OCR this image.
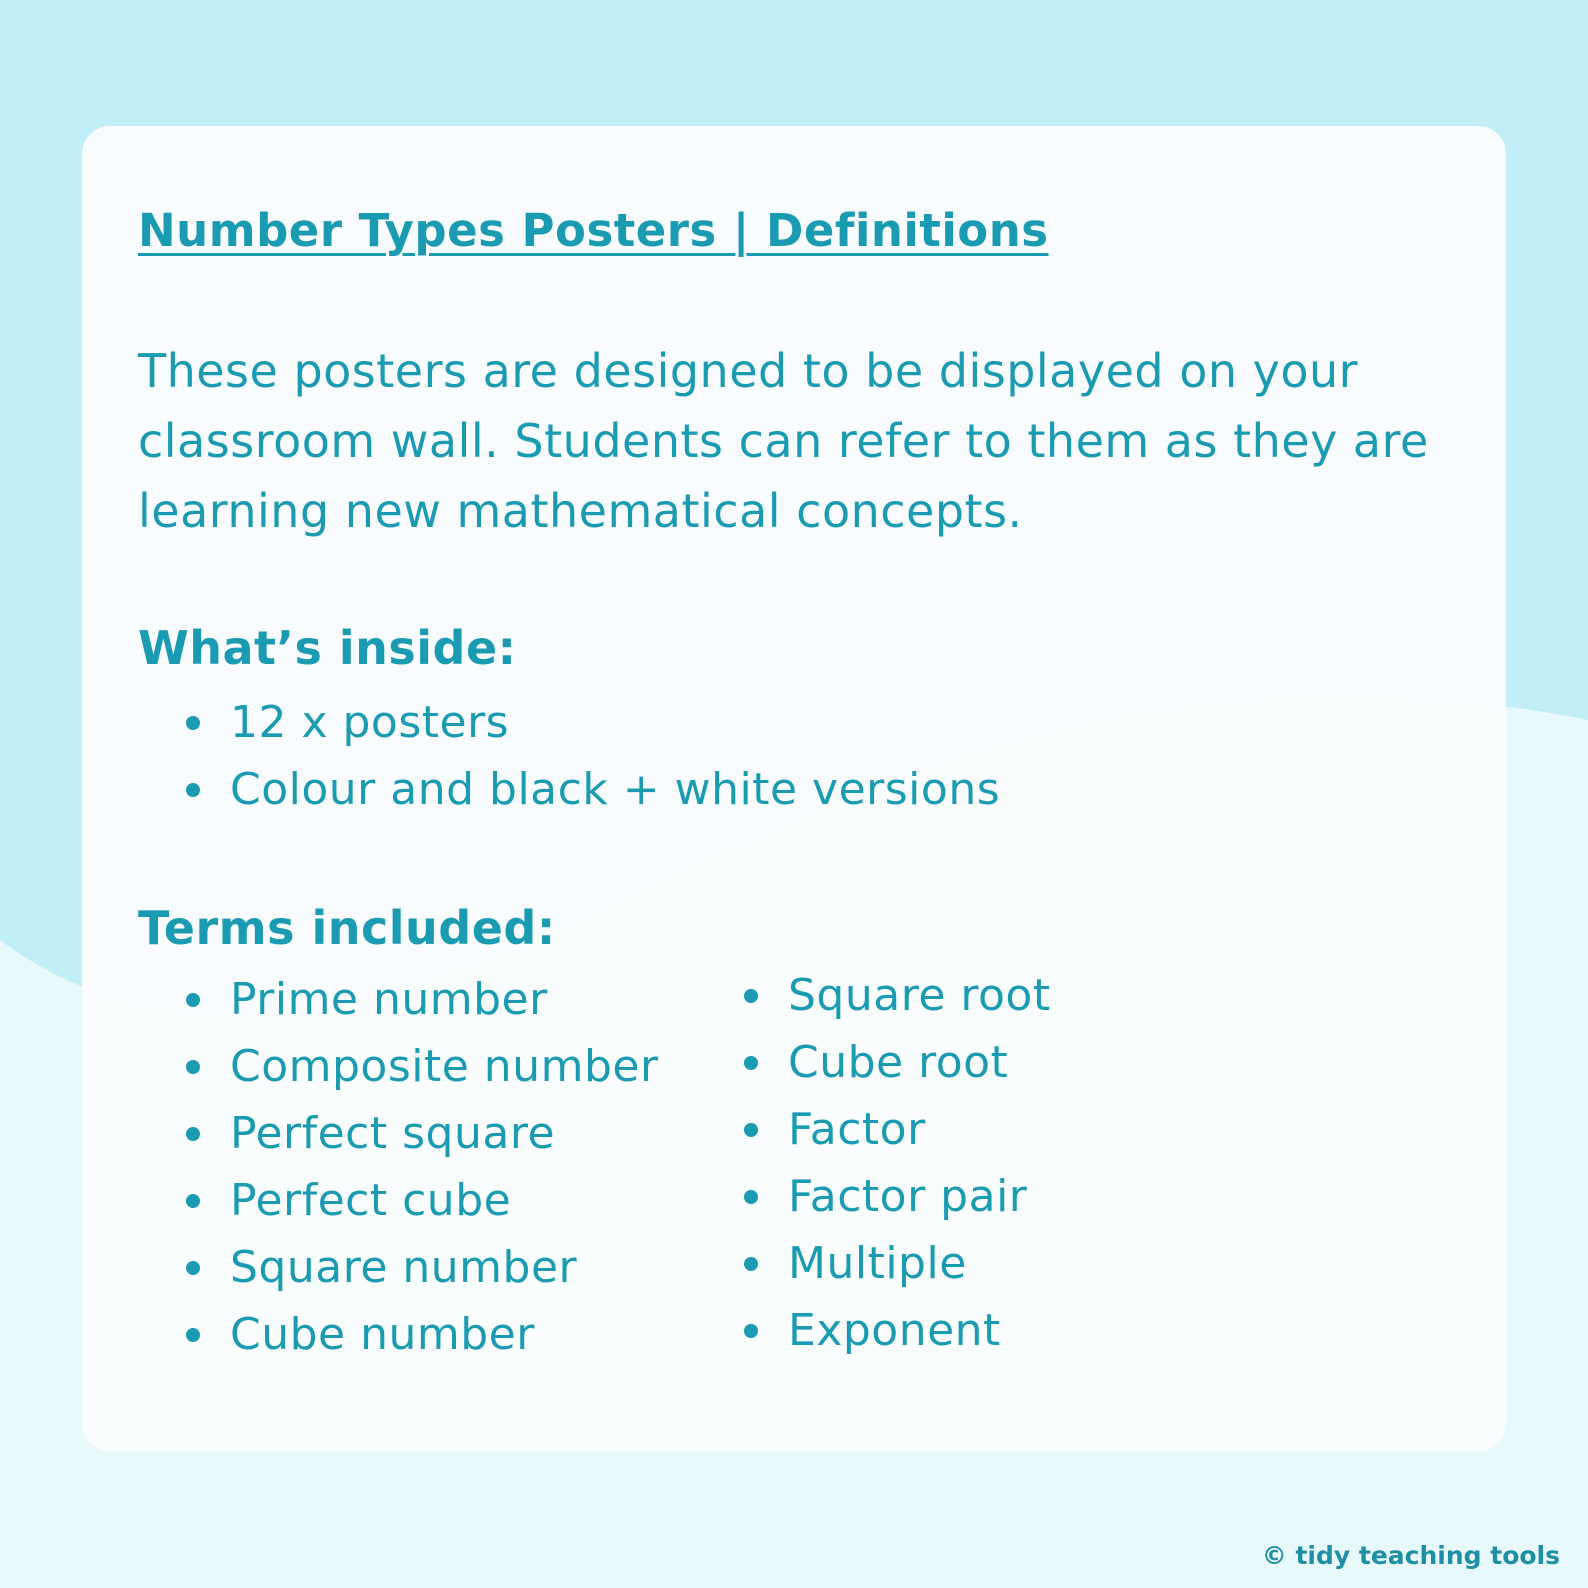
Number Types Posters | Definitions

These posters are designed to be displayed on your classroom wall. Students can refer to them as they are learning new mathematical concepts.

What’s inside:
12 x posters
Colour and black + white versions
Terms included:
Prime number
Composite number
Perfect square
Perfect cube
Square number
Cube number
Square root
Cube root
Factor
Factor pair
Multiple
Exponent
© tidy teaching tools
